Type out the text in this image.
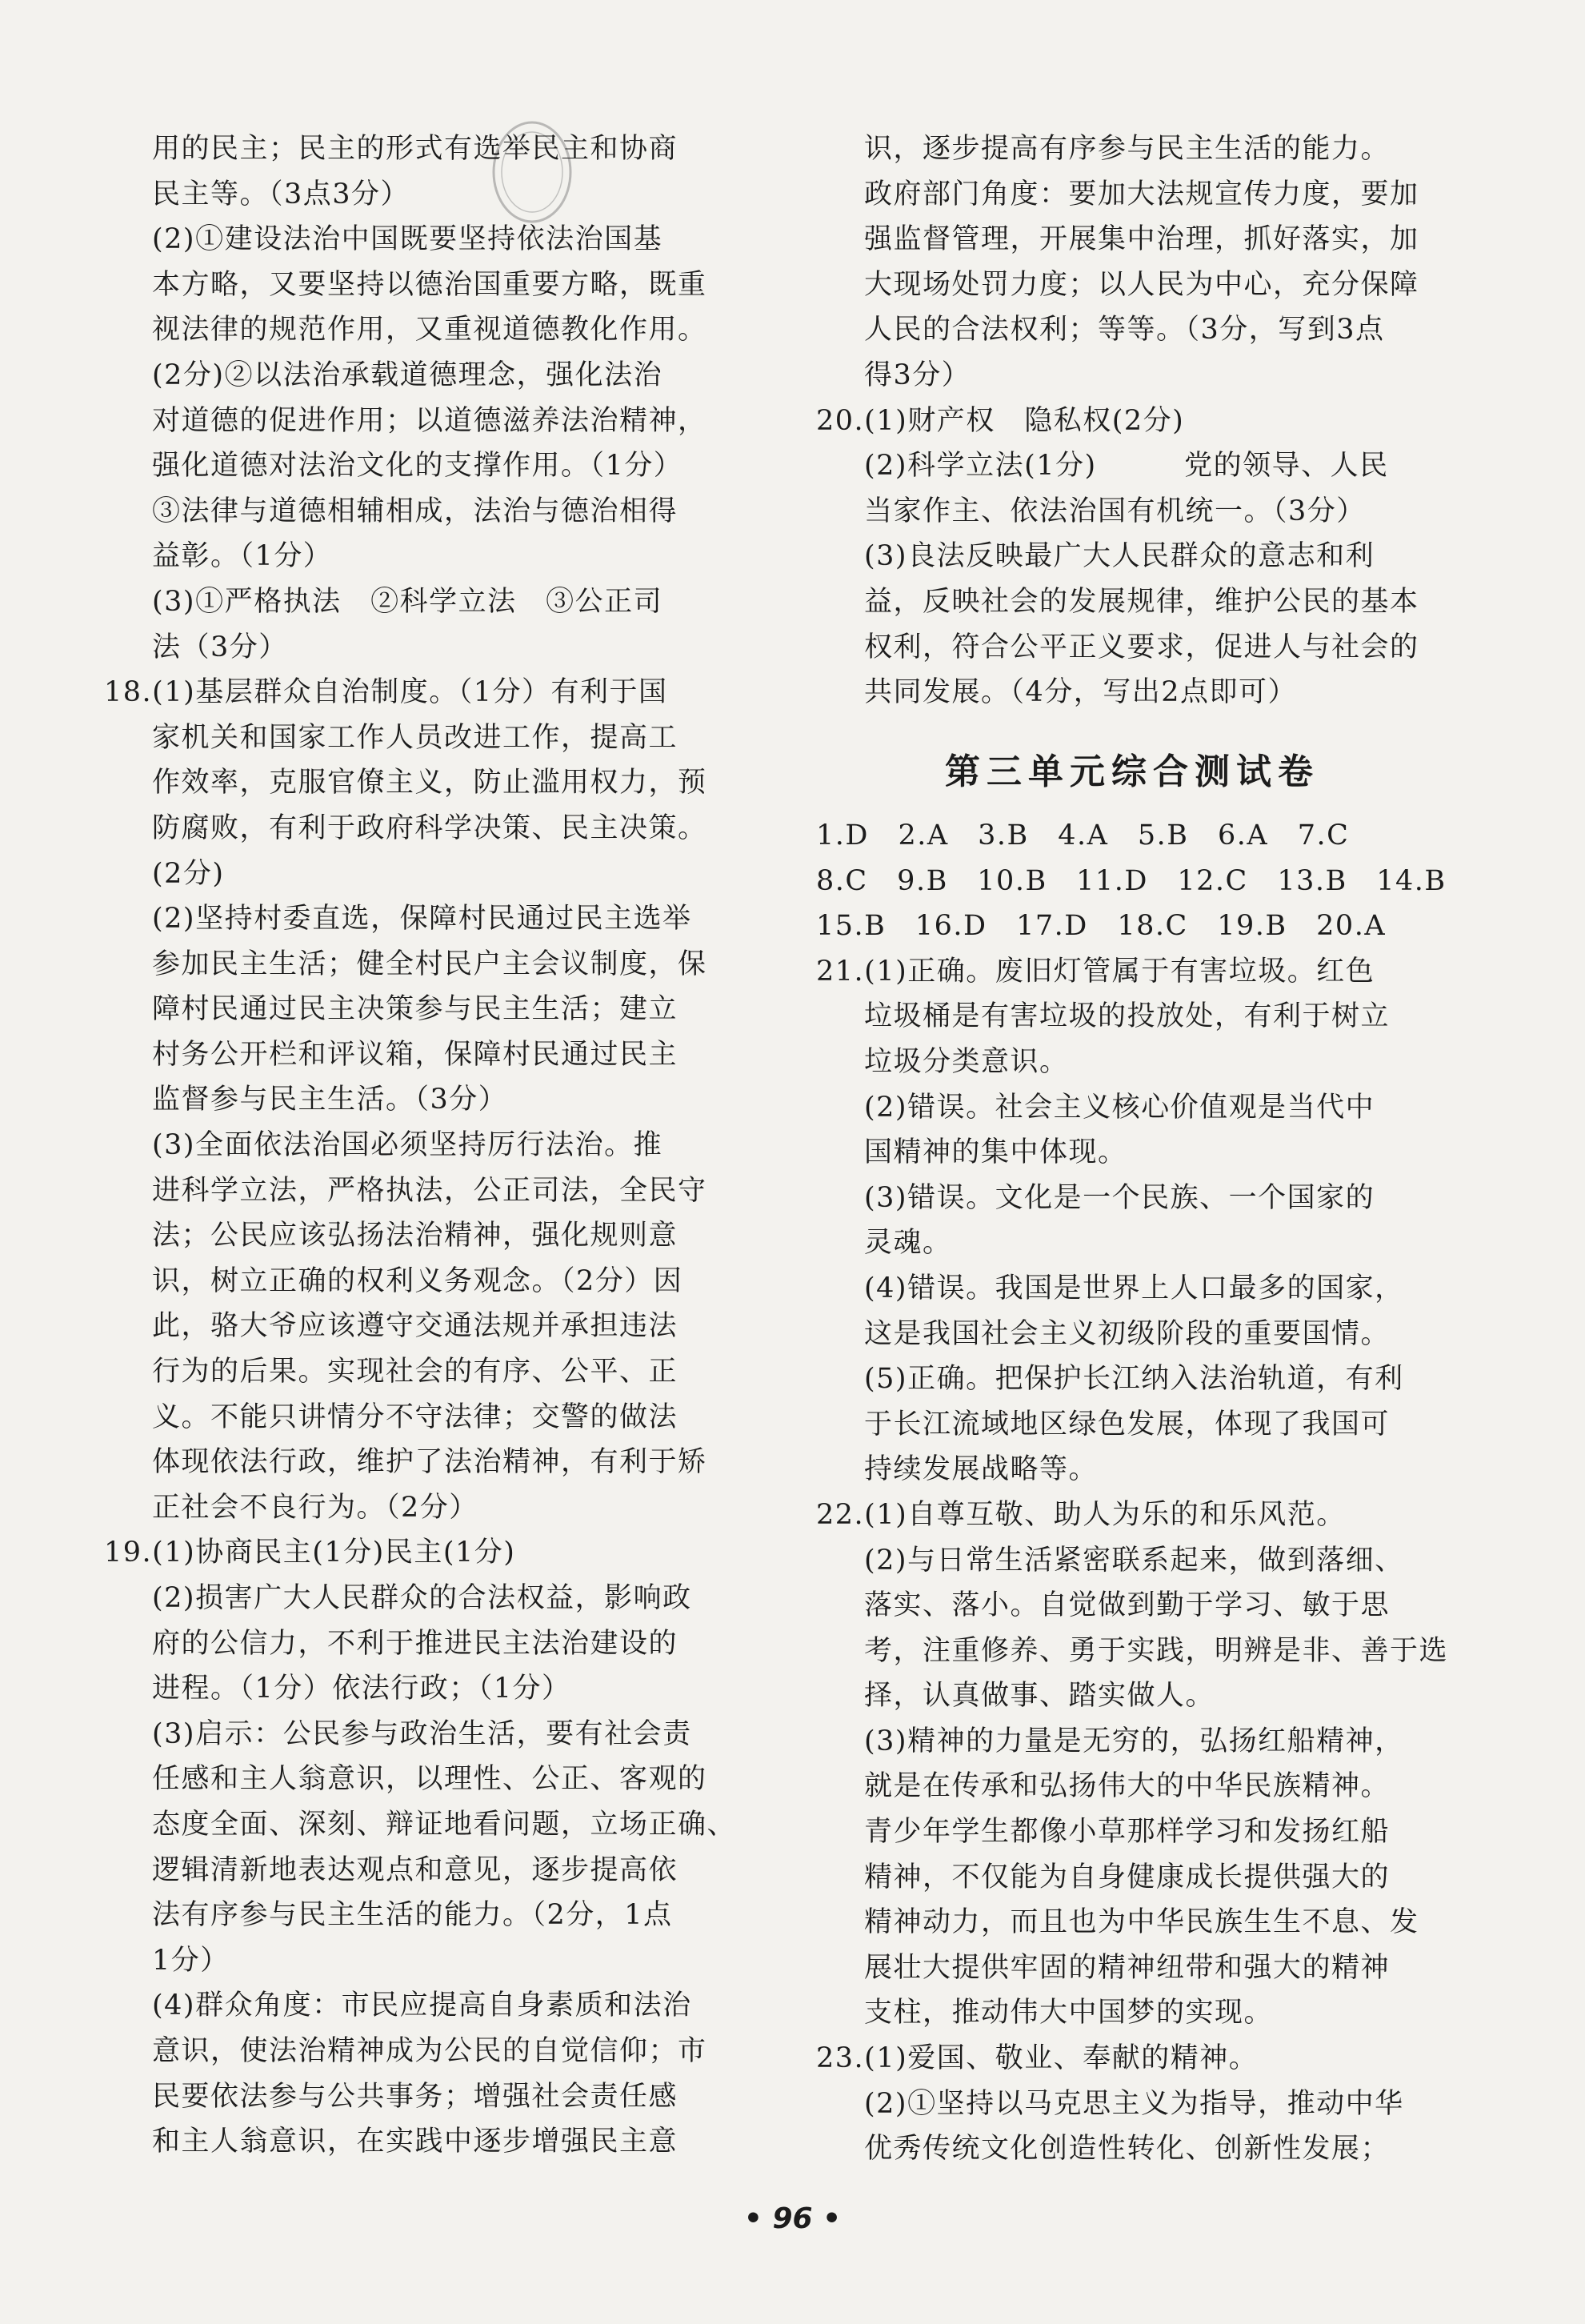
用的民主；民主的形式有选举民主和协商
民主等。（3点3分）
(2)①建设法治中国既要坚持依法治国基
本方略，又要坚持以德治国重要方略，既重
视法律的规范作用，又重视道德教化作用。
(2分)②以法治承载道德理念，强化法治
对道德的促进作用；以道德滋养法治精神，
强化道德对法治文化的支撑作用。（1分）
③法律与道德相辅相成，法治与德治相得
益彰。（1分）
(3)①严格执法　②科学立法　③公正司
法（3分）
18.(1)基层群众自治制度。（1分）有利于国
家机关和国家工作人员改进工作，提高工
作效率，克服官僚主义，防止滥用权力，预
防腐败，有利于政府科学决策、民主决策。
(2分)
(2)坚持村委直选，保障村民通过民主选举
参加民主生活；健全村民户主会议制度，保
障村民通过民主决策参与民主生活；建立
村务公开栏和评议箱，保障村民通过民主
监督参与民主生活。（3分）
(3)全面依法治国必须坚持厉行法治。推
进科学立法，严格执法，公正司法，全民守
法；公民应该弘扬法治精神，强化规则意
识，树立正确的权利义务观念。（2分）因
此，骆大爷应该遵守交通法规并承担违法
行为的后果。实现社会的有序、公平、正
义。不能只讲情分不守法律；交警的做法
体现依法行政，维护了法治精神，有利于矫
正社会不良行为。（2分）
19.(1)协商民主(1分)民主(1分)
(2)损害广大人民群众的合法权益，影响政
府的公信力，不利于推进民主法治建设的
进程。（1分）依法行政；（1分）
(3)启示：公民参与政治生活，要有社会责
任感和主人翁意识，以理性、公正、客观的
态度全面、深刻、辩证地看问题，立场正确、
逻辑清新地表达观点和意见，逐步提高依
法有序参与民主生活的能力。（2分，1点
1分）
(4)群众角度：市民应提高自身素质和法治
意识，使法治精神成为公民的自觉信仰；市
民要依法参与公共事务；增强社会责任感
和主人翁意识，在实践中逐步增强民主意
识，逐步提高有序参与民主生活的能力。
政府部门角度：要加大法规宣传力度，要加
强监督管理，开展集中治理，抓好落实，加
大现场处罚力度；以人民为中心，充分保障
人民的合法权利；等等。（3分，写到3点
得3分）
20.(1)财产权　隐私权(2分)
(2)科学立法(1分)　　　党的领导、人民
当家作主、依法治国有机统一。（3分）
(3)良法反映最广大人民群众的意志和利
益，反映社会的发展规律，维护公民的基本
权利，符合公平正义要求，促进人与社会的
共同发展。（4分，写出2点即可）
第三单元综合测试卷
1.D　2.A　3.B　4.A　5.B　6.A　7.C
8.C　9.B　10.B　11.D　12.C　13.B　14.B
15.B　16.D　17.D　18.C　19.B　20.A
21.(1)正确。废旧灯管属于有害垃圾。红色
垃圾桶是有害垃圾的投放处，有利于树立
垃圾分类意识。
(2)错误。社会主义核心价值观是当代中
国精神的集中体现。
(3)错误。文化是一个民族、一个国家的
灵魂。
(4)错误。我国是世界上人口最多的国家，
这是我国社会主义初级阶段的重要国情。
(5)正确。把保护长江纳入法治轨道，有利
于长江流域地区绿色发展，体现了我国可
持续发展战略等。
22.(1)自尊互敬、助人为乐的和乐风范。
(2)与日常生活紧密联系起来，做到落细、
落实、落小。自觉做到勤于学习、敏于思
考，注重修养、勇于实践，明辨是非、善于选
择，认真做事、踏实做人。
(3)精神的力量是无穷的，弘扬红船精神，
就是在传承和弘扬伟大的中华民族精神。
青少年学生都像小草那样学习和发扬红船
精神，不仅能为自身健康成长提供强大的
精神动力，而且也为中华民族生生不息、发
展壮大提供牢固的精神纽带和强大的精神
支柱，推动伟大中国梦的实现。
23.(1)爱国、敬业、奉献的精神。
(2)①坚持以马克思主义为指导，推动中华
优秀传统文化创造性转化、创新性发展；
• 96 •
